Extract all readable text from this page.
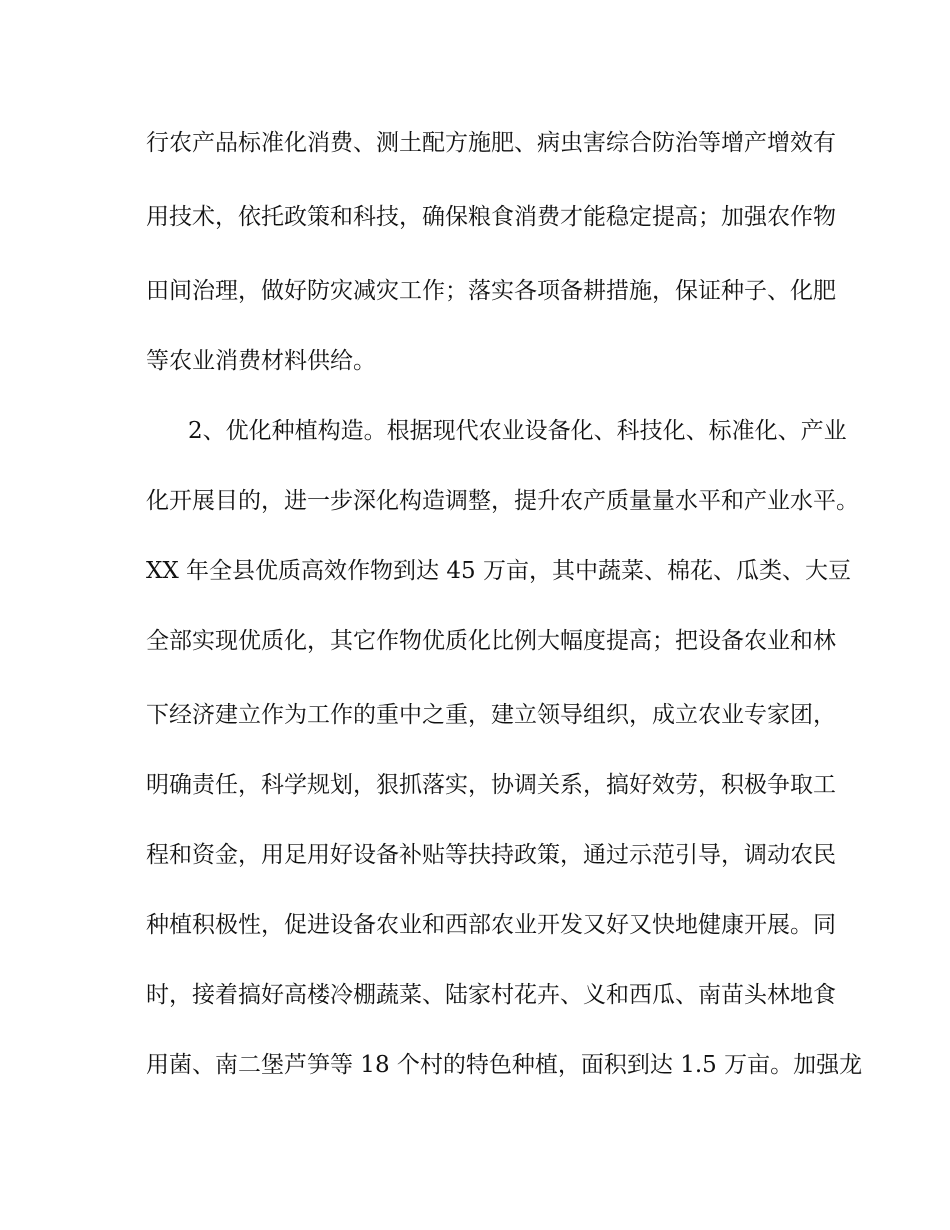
行农产品标准化消费、测土配方施肥、病虫害综合防治等增产增效有
用技术，依托政策和科技，确保粮食消费才能稳定提高；加强农作物
田间治理，做好防灾减灾工作；落实各项备耕措施，保证种子、化肥
等农业消费材料供给。
2、优化种植构造。根据现代农业设备化、科技化、标准化、产业
化开展目的，进一步深化构造调整，提升农产质量量水平和产业水平。
XX 年全县优质高效作物到达 45 万亩，其中蔬菜、棉花、瓜类、大豆
全部实现优质化，其它作物优质化比例大幅度提高；把设备农业和林
下经济建立作为工作的重中之重，建立领导组织，成立农业专家团，
明确责任，科学规划，狠抓落实，协调关系，搞好效劳，积极争取工
程和资金，用足用好设备补贴等扶持政策，通过示范引导，调动农民
种植积极性，促进设备农业和西部农业开发又好又快地健康开展。同
时，接着搞好高楼冷棚蔬菜、陆家村花卉、义和西瓜、南苗头林地食
用菌、南二堡芦笋等 18 个村的特色种植，面积到达 1.5 万亩。加强龙
